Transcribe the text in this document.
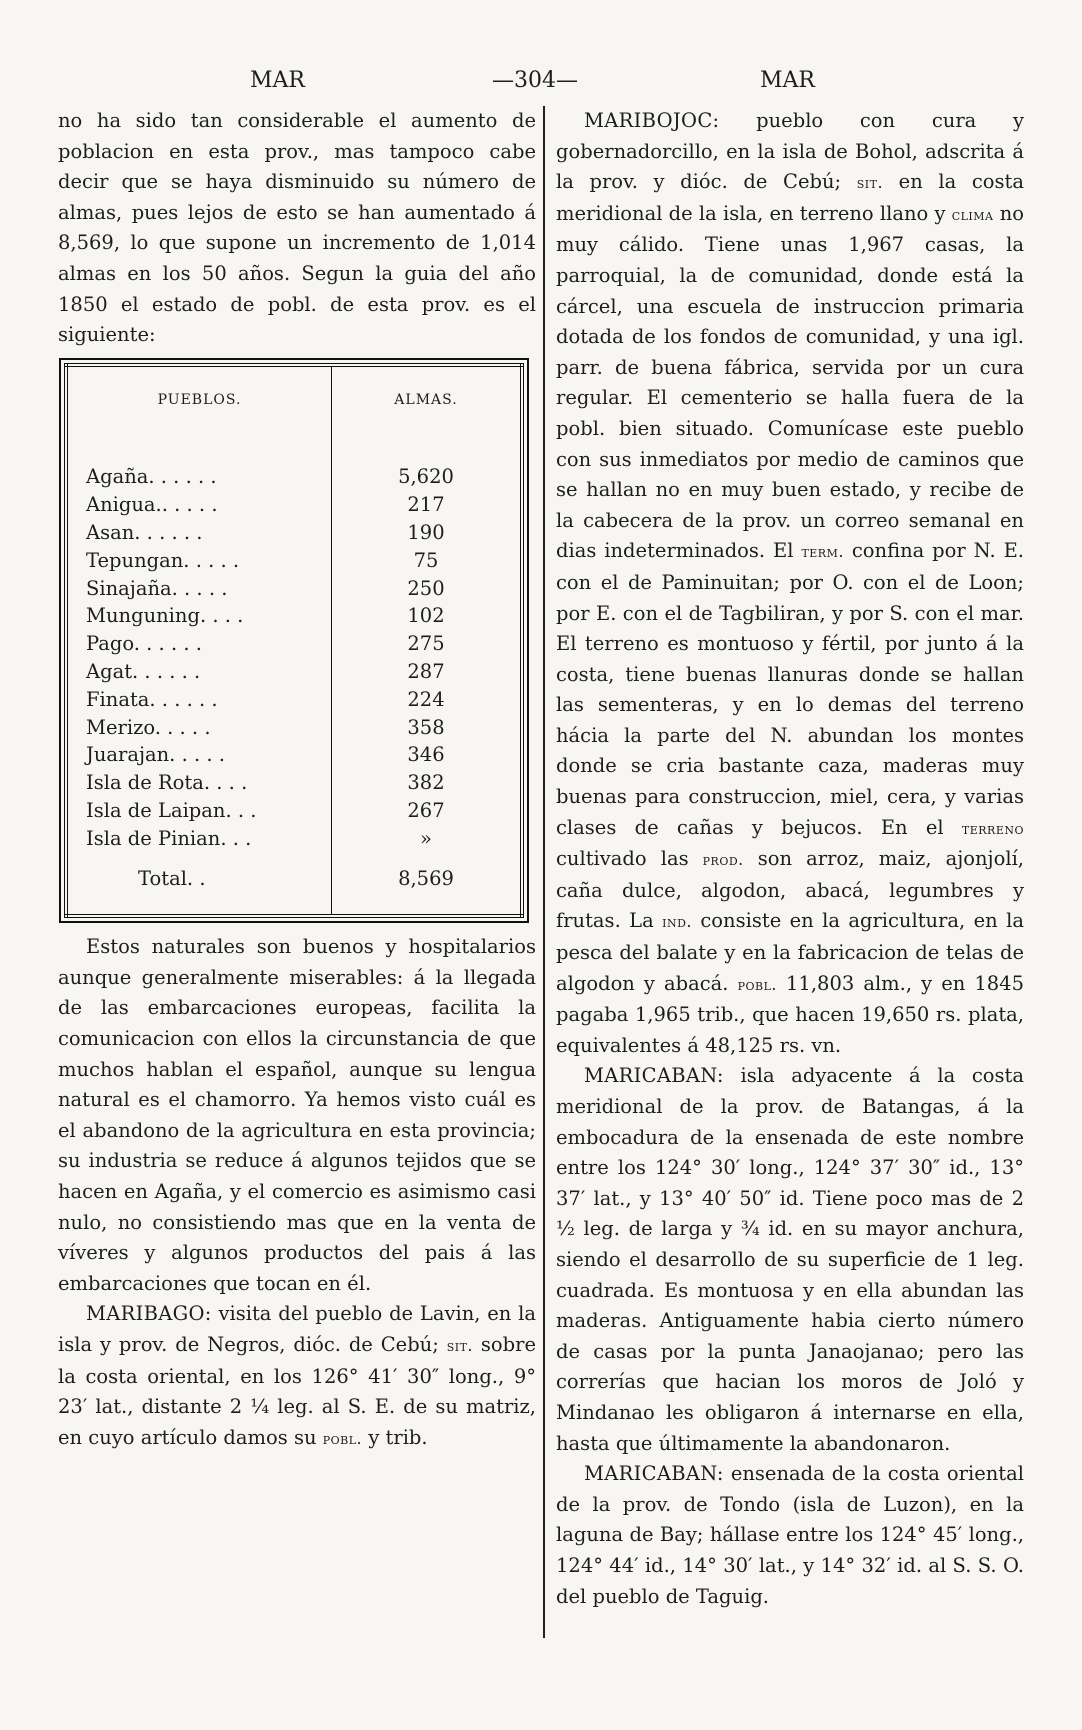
MAR	—304—	MAR

no ha sido tan considerable el aumento de poblacion en esta prov., mas tampoco cabe decir que se haya disminuido su número de almas, pues lejos de esto se han aumentado á 8,569, lo que supone un incremento de 1,014 almas en los 50 años. Segun la guia del año 1850 el estado de pobl. de esta prov. es el siguiente:

PUEBLOS.	ALMAS.

Agaña. . . . . .	5,620
Anigua.. . . . .	217
Asan. . . . . .	190
Tepungan. . . . .	75
Sinajaña. . . . .	250
Munguning. . . .	102
Pago. . . . . .	275
Agat. . . . . .	287
Finata. . . . . .	224
Merizo. . . . .	358
Juarajan. . . . .	346
Isla de Rota. . . .	382
Isla de Laipan. . .	267
Isla de Pinian. . .	»
Total. .	8,569

Estos naturales son buenos y hospitalarios aunque generalmente miserables: á la llegada de las embarcaciones europeas, facilita la comunicacion con ellos la circunstancia de que muchos hablan el español, aunque su lengua natural es el chamorro. Ya hemos visto cuál es el abandono de la agricultura en esta provincia; su industria se reduce á algunos tejidos que se hacen en Agaña, y el comercio es asimismo casi nulo, no consistiendo mas que en la venta de víveres y algunos productos del pais á las embarcaciones que tocan en él.

MARIBAGO: visita del pueblo de Lavin, en la isla y prov. de Negros, dióc. de Cebú; sit. sobre la costa oriental, en los 126° 41′ 30″ long., 9° 23′ lat., distante 2 ¼ leg. al S. E. de su matriz, en cuyo artículo damos su pobl. y trib.

MARIBOJOC: pueblo con cura y gobernadorcillo, en la isla de Bohol, adscrita á la prov. y dióc. de Cebú; sit. en la costa meridional de la isla, en terreno llano y clima no muy cálido. Tiene unas 1,967 casas, la parroquial, la de comunidad, donde está la cárcel, una escuela de instruccion primaria dotada de los fondos de comunidad, y una igl. parr. de buena fábrica, servida por un cura regular. El cementerio se halla fuera de la pobl. bien situado. Comunícase este pueblo con sus inmediatos por medio de caminos que se hallan no en muy buen estado, y recibe de la cabecera de la prov. un correo semanal en dias indeterminados. El term. confina por N. E. con el de Paminuitan; por O. con el de Loon; por E. con el de Tagbiliran, y por S. con el mar. El terreno es montuoso y fértil, por junto á la costa, tiene buenas llanuras donde se hallan las sementeras, y en lo demas del terreno hácia la parte del N. abundan los montes donde se cria bastante caza, maderas muy buenas para construccion, miel, cera, y varias clases de cañas y bejucos. En el terreno cultivado las prod. son arroz, maiz, ajonjolí, caña dulce, algodon, abacá, legumbres y frutas. La ind. consiste en la agricultura, en la pesca del balate y en la fabricacion de telas de algodon y abacá. pobl. 11,803 alm., y en 1845 pagaba 1,965 trib., que hacen 19,650 rs. plata, equivalentes á 48,125 rs. vn.

MARICABAN: isla adyacente á la costa meridional de la prov. de Batangas, á la embocadura de la ensenada de este nombre entre los 124° 30′ long., 124° 37′ 30″ id., 13° 37′ lat., y 13° 40′ 50″ id. Tiene poco mas de 2 ½ leg. de larga y ¾ id. en su mayor anchura, siendo el desarrollo de su superficie de 1 leg. cuadrada. Es montuosa y en ella abundan las maderas. Antiguamente habia cierto número de casas por la punta Janaojanao; pero las correrías que hacian los moros de Joló y Mindanao les obligaron á internarse en ella, hasta que últimamente la abandonaron.

MARICABAN: ensenada de la costa oriental de la prov. de Tondo (isla de Luzon), en la laguna de Bay; hállase entre los 124° 45′ long., 124° 44′ id., 14° 30′ lat., y 14° 32′ id. al S. S. O. del pueblo de Taguig.
